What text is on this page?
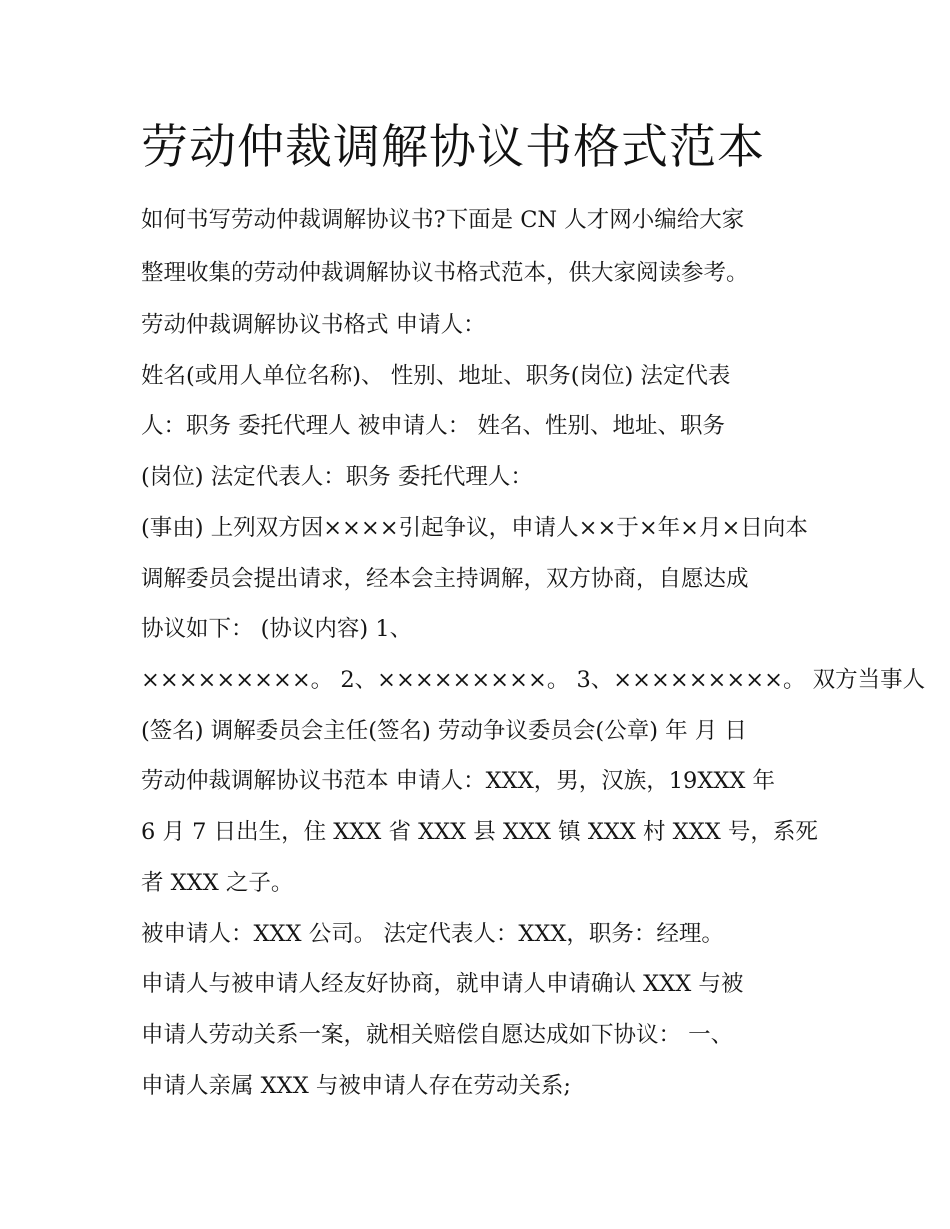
劳动仲裁调解协议书格式范本

如何书写劳动仲裁调解协议书?下面是 CN 人才网小编给大家

整理收集的劳动仲裁调解协议书格式范本，供大家阅读参考。

劳动仲裁调解协议书格式 申请人：

姓名(或用人单位名称)、 性别、地址、职务(岗位) 法定代表

人：职务 委托代理人 被申请人： 姓名、性别、地址、职务

(岗位) 法定代表人：职务 委托代理人：

(事由) 上列双方因××××引起争议，申请人××于×年×月×日向本

调解委员会提出请求，经本会主持调解，双方协商，自愿达成

协议如下： (协议内容) 1、

×××××××××。 2、×××××××××。 3、×××××××××。 双方当事人

(签名) 调解委员会主任(签名) 劳动争议委员会(公章) 年 月 日

劳动仲裁调解协议书范本 申请人：XXX，男，汉族，19XXX 年

6 月 7 日出生，住 XXX 省 XXX 县 XXX 镇 XXX 村 XXX 号，系死

者 XXX 之子。

被申请人：XXX 公司。 法定代表人：XXX，职务：经理。

申请人与被申请人经友好协商，就申请人申请确认 XXX 与被

申请人劳动关系一案，就相关赔偿自愿达成如下协议： 一、

申请人亲属 XXX 与被申请人存在劳动关系;
